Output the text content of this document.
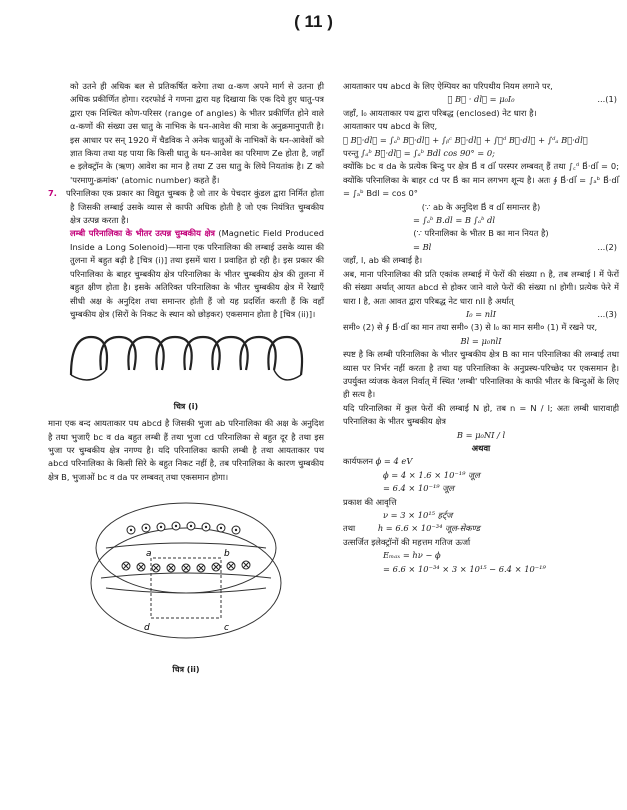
( 11 )

को उतने ही अधिक बल से प्रतिकर्षित करेगा तथा α-कण अपने मार्ग से उतना ही अधिक प्रकीर्णित होगा। रदरफोर्ड ने गणना द्वारा यह दिखाया कि एक दिये हुए धातु-पत्र द्वारा एक निश्चित कोण-परिसर (range of angles) के भीतर प्रकीर्णित होने वाले α-कणों की संख्या उस धातु के नाभिक के धन-आवेश की मात्रा के अनुक्रमानुपाती है। इस आधार पर सन् 1920 में चैडविक ने अनेक धातुओं के नाभिकों के धन-आवेशों को ज्ञात किया तथा यह पाया कि किसी धातु के धन-आवेश का परिमाण Ze होता है, जहाँ e इलेक्ट्रॉन के (ऋण) आवेश का मान है तथा Z उस धातु के लिये नियतांक है। Z को 'परमाणु-क्रमांक' (atomic number) कहते हैं।

7. परिनालिका एक प्रकार का विद्युत चुम्बक है जो तार के पेचदार कुंडल द्वारा निर्मित होता है जिसकी लम्बाई उसके व्यास से काफी अधिक होती है जो एक नियंत्रित चुम्बकीय क्षेत्र उत्पन्न करता है।

लम्बी परिनालिका के भीतर उत्पन्न चुम्बकीय क्षेत्र (Magnetic Field Produced Inside a Long Solenoid)—माना एक परिनालिका की लम्बाई उसके व्यास की तुलना में बहुत बढ़ी है [चित्र (i)] तथा इसमें धारा I प्रवाहित हो रही है। इस प्रकार की परिनालिका के बाहर चुम्बकीय क्षेत्र परिनालिका के भीतर चुम्बकीय क्षेत्र की तुलना में बहुत क्षीण होता है। इसके अतिरिक्त परिनालिका के भीतर चुम्बकीय क्षेत्र में रेखाएँ सीधी अक्ष के अनुदिश तथा समान्तर होती हैं जो यह प्रदर्शित करती हैं कि वहाँ चुम्बकीय क्षेत्र (सिरों के निकट के स्थान को छोड़कर) एकसमान होता है [चित्र (ii)]।

चित्र (i)

माना एक बन्द आयताकार पथ abcd है जिसकी भुजा ab परिनालिका की अक्ष के अनुदिश है तथा भुजाएँ bc व da बहुत लम्बी हैं तथा भुजा cd परिनालिका से बहुत दूर है तथा इस भुजा पर चुम्बकीय क्षेत्र नगण्य है। यदि परिनालिका काफी लम्बी है तथा आयताकार पथ abcd परिनालिका के किसी सिरे के बहुत निकट नहीं है, तब परिनालिका के कारण चुम्बकीय क्षेत्र B, भुजाओं bc व da पर लम्बवत् तथा एकसमान होगा।

a	b
c
d
चित्र (ii)

आयताकार पथ abcd के लिए ऐम्पियर का परिपथीय नियम लगाने पर,

∮ B⃗ · dl⃗ = μ₀I₀	...(1)

जहाँ, I₀ आयताकार पथ द्वारा परिबद्ध (enclosed) नेट धारा है।

आयताकार पथ abcd के लिए,

∮ B⃗·dl⃗ = ∫ₐᵇ B⃗·dl⃗ + ∫ᵦᶜ B⃗·dl⃗ + ∫꜀ᵈ B⃗·dl⃗ + ∫ᵈₐ B⃗·dl⃗

परन्तु ∫ₐᵇ B⃗·dl⃗ = ∫ₐᵇ Bdl cos 90° = 0;

क्योंकि bc व da के प्रत्येक बिन्दु पर क्षेत्र B⃗ व dl⃗ परस्पर लम्बवत् हैं तथा ∫꜀ᵈ B⃗·dl⃗ = 0; क्योंकि परिनालिका के बाहर cd पर B⃗ का मान लगभग शून्य है। अतः ∮ B⃗·dl⃗ = ∫ₐᵇ B⃗·dl⃗ = ∫ₐᵇ Bdl = cos 0°

(∵ ab के अनुदिश B⃗ व dl⃗ समान्तर है)

= ∫ₐᵇ B.dl = B ∫ₐᵇ dl

(∵ परिनालिका के भीतर B का मान नियत है)

= Bl	...(2)

जहाँ, l, ab की लम्बाई है।

अब, माना परिनालिका की प्रति एकांक लम्बाई में फेरों की संख्या n है, तब लम्बाई l में फेरों की संख्या अर्थात् आयत abcd से होकर जाने वाले फेरों की संख्या nl होगी। प्रत्येक फेरे में धारा I है, अतः आवत द्वारा परिबद्ध नेट धारा nlI है अर्थात्

I₀ = nlI	...(3)

समी० (2) से ∮ B⃗·dl⃗ का मान तथा समी० (3) से I₀ का मान समी० (1) में रखने पर,

Bl = μ₀nlI

स्पष्ट है कि लम्बी परिनालिका के भीतर चुम्बकीय क्षेत्र B का मान परिनालिका की लम्बाई तथा व्यास पर निर्भर नहीं करता है तथा यह परिनालिका के अनुप्रस्थ-परिच्छेद पर एकसमान है। उपर्युक्त व्यंजक केवल निर्वात् में स्थित 'लम्बी' परिनालिका के काफी भीतर के बिन्दुओं के लिए ही सत्य है।

यदि परिनालिका में कुल फेरों की लम्बाई N हो, तब n = N / l; अतः लम्बी धारावाही परिनालिका के भीतर चुम्बकीय क्षेत्र

B = μ₀NI / l

अथवा

कार्यफलन ϕ = 4 eV

ϕ = 4 × 1.6 × 10⁻¹⁹ जूल

= 6.4 × 10⁻¹⁹ जूल

प्रकाश की आवृत्ति

ν = 3 × 10¹⁵ हर्ट्ज

तथा	h = 6.6 × 10⁻³⁴ जूल-सेकण्ड

उत्सर्जित इलेक्ट्रॉनों की महत्तम गतिज ऊर्जा

Eₘₐₓ = hν − ϕ

= 6.6 × 10⁻³⁴ × 3 × 10¹⁵ − 6.4 × 10⁻¹⁹
